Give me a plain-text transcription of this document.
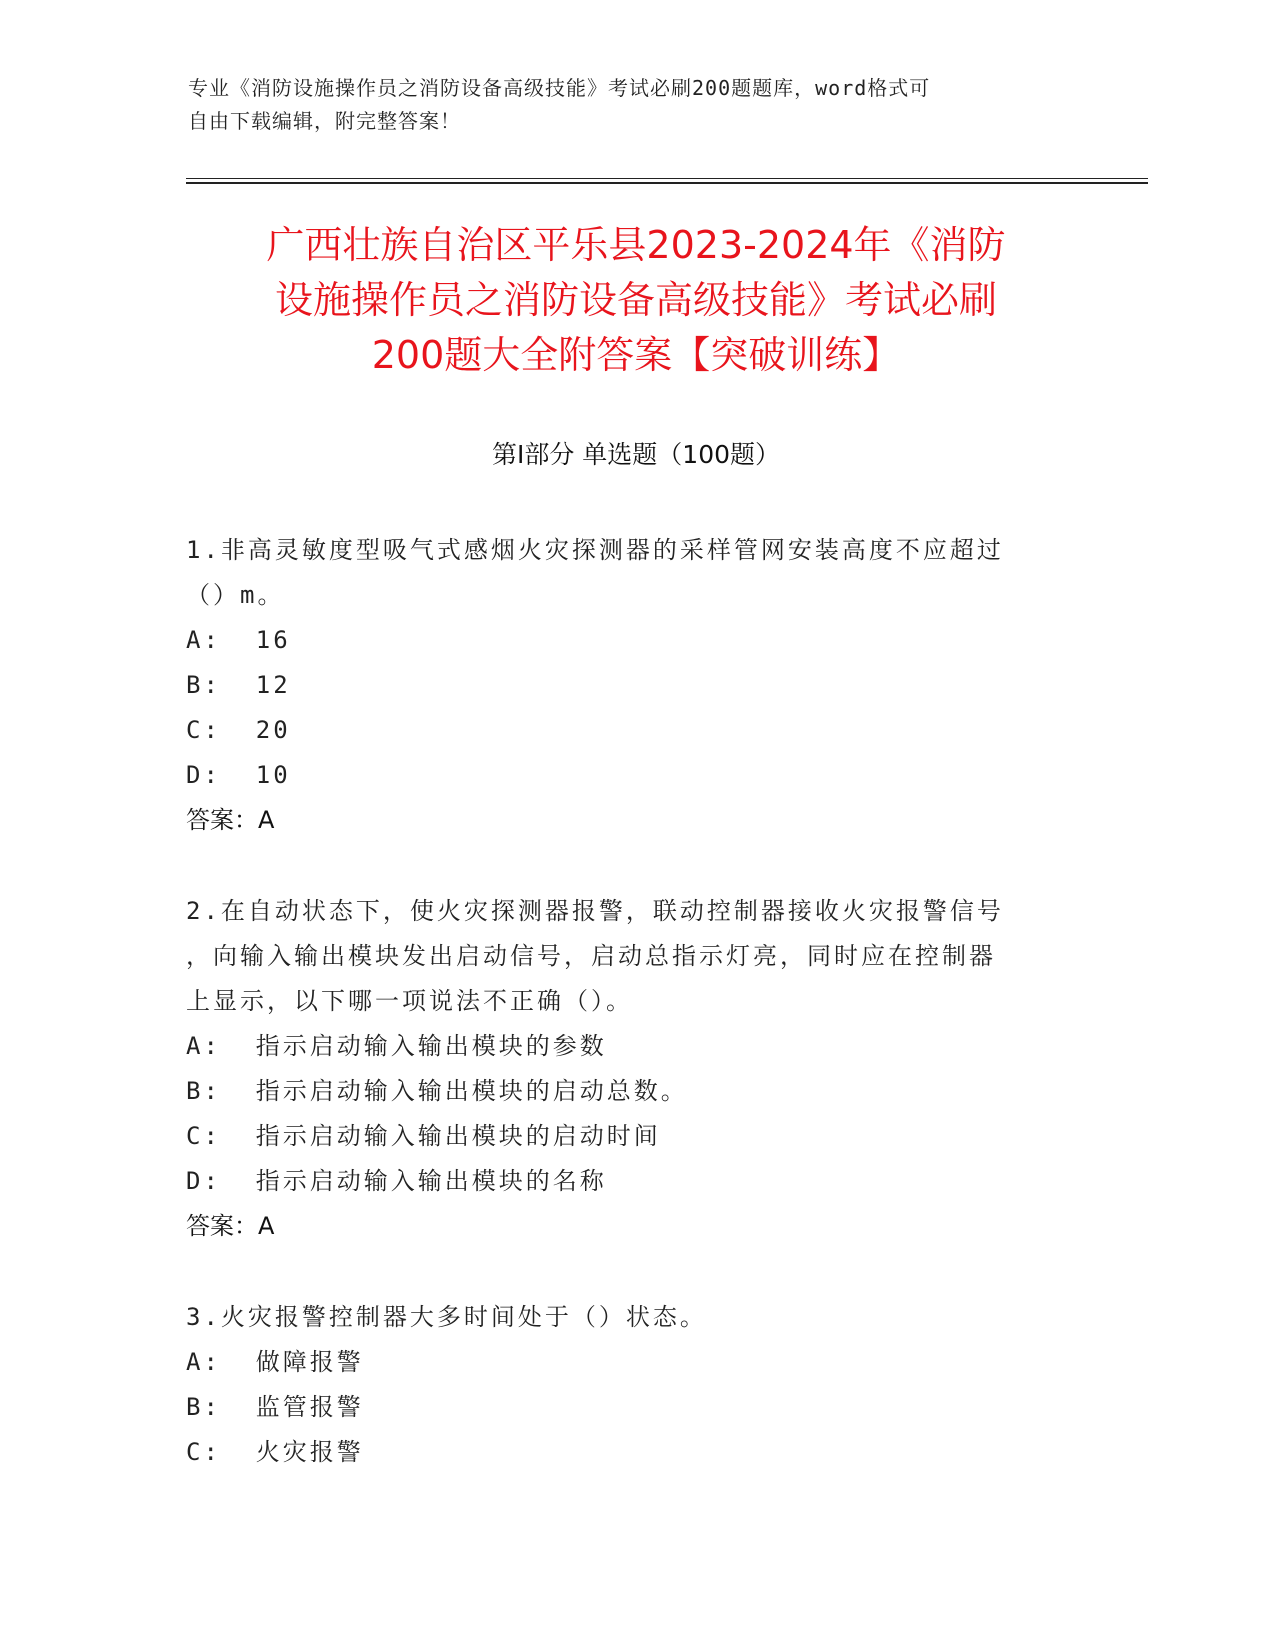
专业《消防设施操作员之消防设备高级技能》考试必刷200题题库，word格式可
自由下载编辑，附完整答案！
广西壮族自治区平乐县2023-2024年《消防
设施操作员之消防设备高级技能》考试必刷
200题大全附答案【突破训练】
第I部分 单选题（100题）
1.非高灵敏度型吸气式感烟火灾探测器的采样管网安装高度不应超过
（）m。
A:  16
B:  12
C:  20
D:  10
答案：A
2.在自动状态下，使火灾探测器报警，联动控制器接收火灾报警信号
，向输入输出模块发出启动信号，启动总指示灯亮，同时应在控制器
上显示，以下哪一项说法不正确（）。
A:  指示启动输入输出模块的参数
B:  指示启动输入输出模块的启动总数。
C:  指示启动输入输出模块的启动时间
D:  指示启动输入输出模块的名称
答案：A
3.火灾报警控制器大多时间处于（）状态。
A:  做障报警
B:  监管报警
C:  火灾报警
